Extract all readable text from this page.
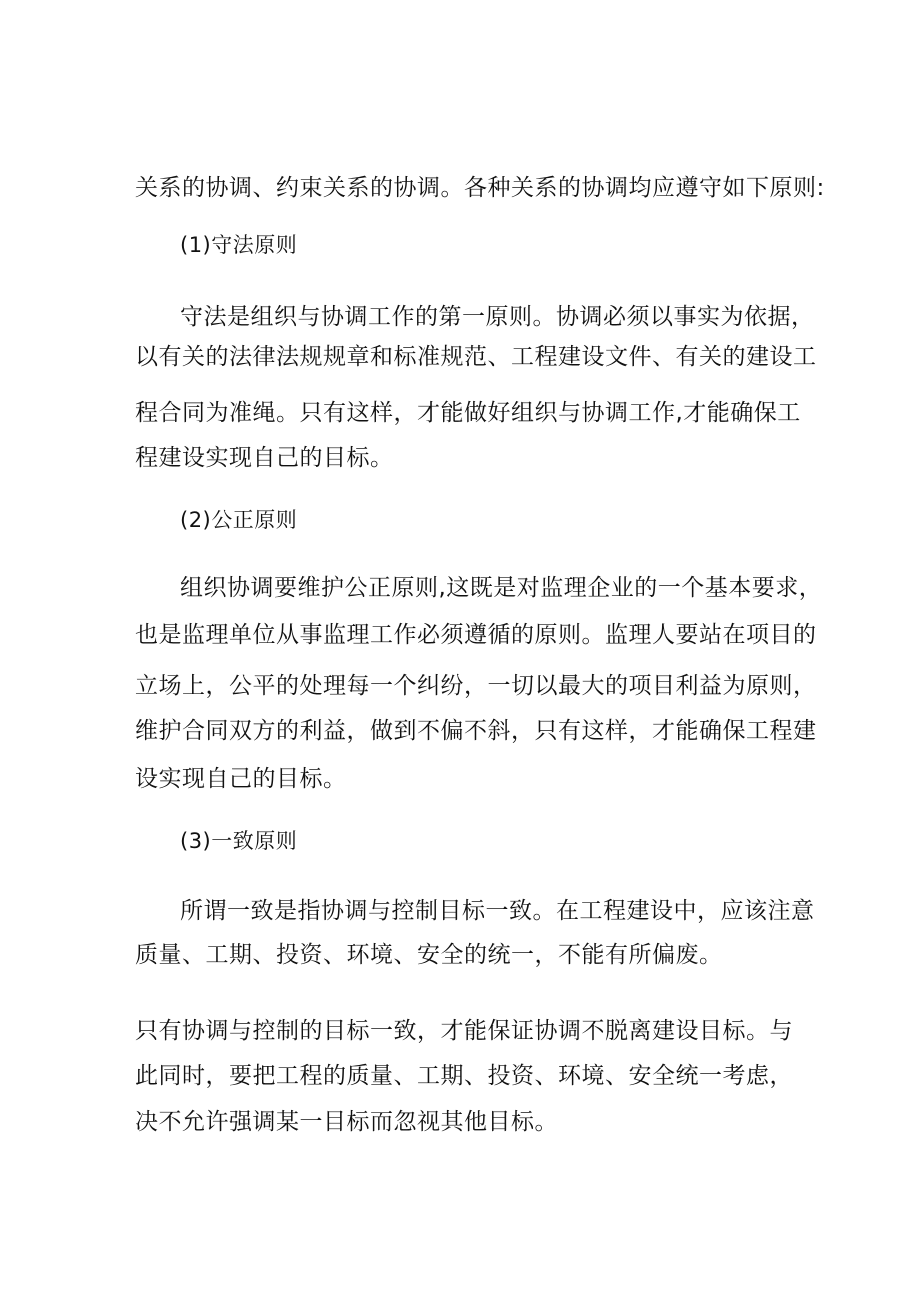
关系的协调、约束关系的协调。各种关系的协调均应遵守如下原则:
(1)守法原则
守法是组织与协调工作的第一原则。协调必须以事实为依据，
以有关的法律法规规章和标准规范、工程建设文件、有关的建设工
程合同为准绳。只有这样，才能做好组织与协调工作,才能确保工
程建设实现自己的目标。
(2)公正原则
组织协调要维护公正原则,这既是对监理企业的一个基本要求，
也是监理单位从事监理工作必须遵循的原则。监理人要站在项目的
立场上，公平的处理每一个纠纷，一切以最大的项目利益为原则，
维护合同双方的利益，做到不偏不斜，只有这样，才能确保工程建
设实现自己的目标。
(3)一致原则
所谓一致是指协调与控制目标一致。在工程建设中，应该注意
质量、工期、投资、环境、安全的统一，不能有所偏废。
只有协调与控制的目标一致，才能保证协调不脱离建设目标。与
此同时，要把工程的质量、工期、投资、环境、安全统一考虑，
决不允许强调某一目标而忽视其他目标。
